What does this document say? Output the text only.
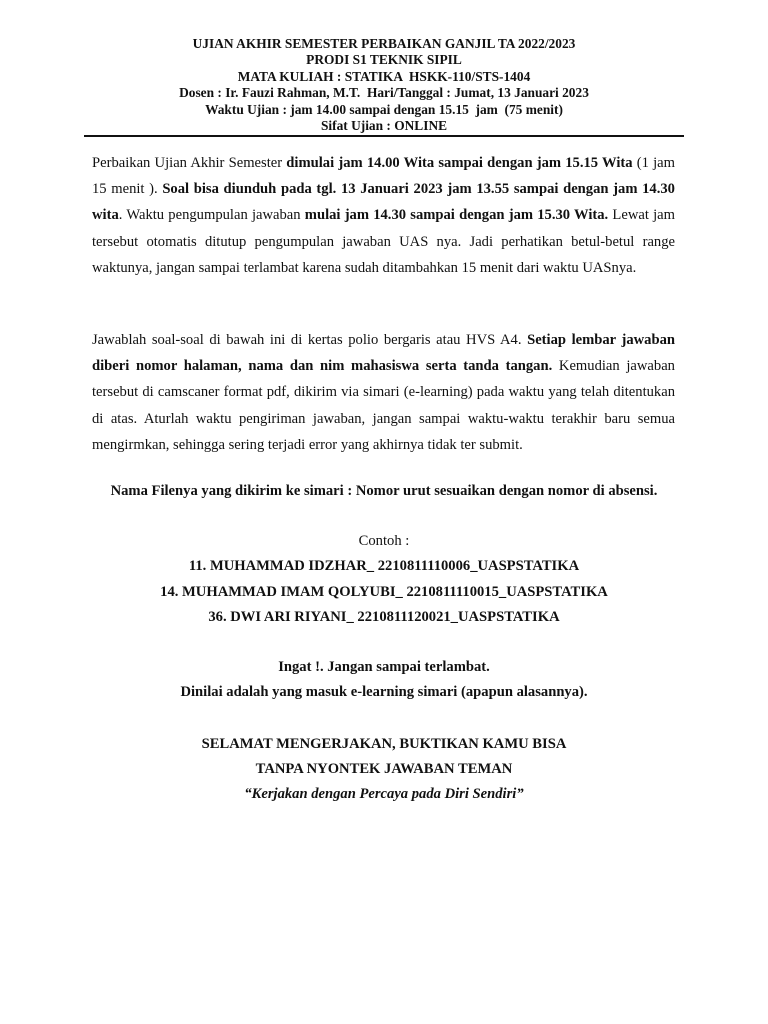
UJIAN AKHIR SEMESTER PERBAIKAN GANJIL TA 2022/2023
PRODI S1 TEKNIK SIPIL
MATA KULIAH : STATIKA  HSKK-110/STS-1404
Dosen : Ir. Fauzi Rahman, M.T.  Hari/Tanggal : Jumat, 13 Januari 2023
Waktu Ujian : jam 14.00 sampai dengan 15.15  jam  (75 menit)
Sifat Ujian : ONLINE
Perbaikan Ujian Akhir Semester dimulai jam 14.00 Wita sampai dengan jam 15.15 Wita (1 jam 15 menit ). Soal bisa diunduh pada tgl. 13 Januari 2023 jam 13.55 sampai dengan jam 14.30 wita. Waktu pengumpulan jawaban mulai jam 14.30 sampai dengan jam 15.30 Wita. Lewat jam tersebut otomatis ditutup pengumpulan jawaban UAS nya. Jadi perhatikan betul-betul range waktunya, jangan sampai terlambat karena sudah ditambahkan 15 menit dari waktu UASnya.
Jawablah soal-soal di bawah ini di kertas polio bergaris atau HVS A4. Setiap lembar jawaban diberi nomor halaman, nama dan nim mahasiswa serta tanda tangan. Kemudian jawaban tersebut di camscaner format pdf, dikirim via simari (e-learning) pada waktu yang telah ditentukan di atas. Aturlah waktu pengiriman jawaban, jangan sampai waktu-waktu terakhir baru semua mengirmkan, sehingga sering terjadi error yang akhirnya tidak ter submit.
Nama Filenya yang dikirim ke simari : Nomor urut sesuaikan dengan nomor di absensi.
Contoh :
11. MUHAMMAD IDZHAR_ 2210811110006_UASPSTATIKA
14. MUHAMMAD IMAM QOLYUBI_ 2210811110015_UASPSTATIKA
36. DWI ARI RIYANI_ 2210811120021_UASPSTATIKA
Ingat !. Jangan sampai terlambat.
Dinilai adalah yang masuk e-learning simari (apapun alasannya).
SELAMAT MENGERJAKAN, BUKTIKAN KAMU BISA
TANPA NYONTEK JAWABAN TEMAN
“Kerjakan dengan Percaya pada Diri Sendiri”
